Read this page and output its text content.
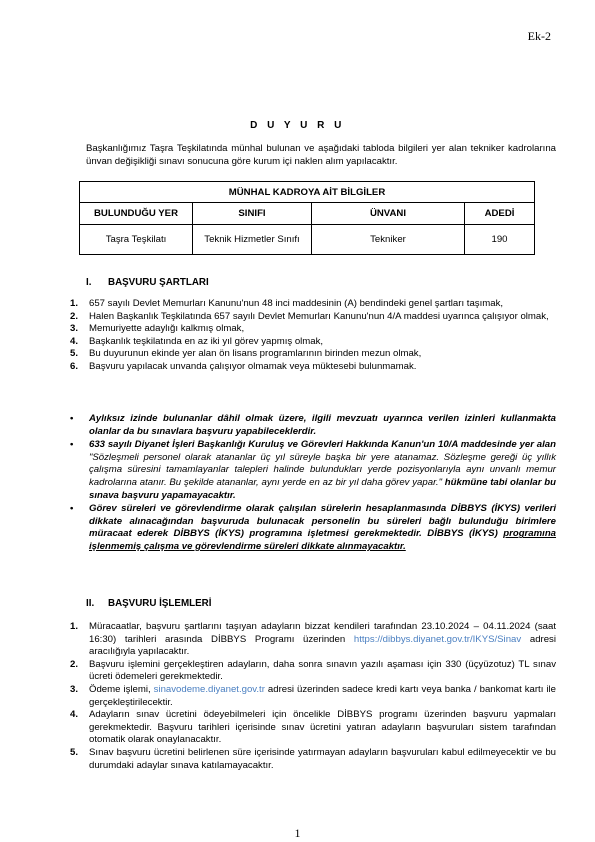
Ek-2
D U Y U R U
Başkanlığımız Taşra Teşkilatında münhal bulunan ve aşağıdaki tabloda bilgileri yer alan tekniker kadrolarına ünvan değişikliği sınavı sonucuna göre kurum içi naklen alım yapılacaktır.
MÜNHAL KADROYA AİT BİLGİLER			
BULUNDUĞU YER	SINIFI	ÜNVANI	ADEDİ
Taşra Teşkilatı	Teknik Hizmetler Sınıfı	Tekniker	190
I.	BAŞVURU ŞARTLARI
1.	657 sayılı Devlet Memurları Kanunu'nun 48 inci maddesinin (A) bendindeki genel şartları taşımak,
2.	Halen Başkanlık Teşkilatında 657 sayılı Devlet Memurları Kanunu'nun 4/A maddesi uyarınca çalışıyor olmak,
3.	Memuriyette adaylığı kalkmış olmak,
4.	Başkanlık teşkilatında en az iki yıl görev yapmış olmak,
5.	Bu duyurunun ekinde yer alan ön lisans programlarının birinden mezun olmak,
6.	Başvuru yapılacak unvanda çalışıyor olmamak veya müktesebi bulunmamak.
•	Aylıksız izinde bulunanlar dâhil olmak üzere, ilgili mevzuatı uyarınca verilen izinleri kullanmakta olanlar da bu sınavlara başvuru yapabileceklerdir.
•	633 sayılı Diyanet İşleri Başkanlığı Kuruluş ve Görevleri Hakkında Kanun'un 10/A maddesinde yer alan "Sözleşmeli personel olarak atananlar üç yıl süreyle başka bir yere atanamaz. Sözleşme gereği üç yıllık çalışma süresini tamamlayanlar talepleri halinde bulundukları yerde pozisyonlarıyla aynı unvanlı memur kadrolarına atanır. Bu şekilde atananlar, aynı yerde en az bir yıl daha görev yapar." hükmüne tabi olanlar bu sınava başvuru yapamayacaktır.
•	Görev süreleri ve görevlendirme olarak çalışılan sürelerin hesaplanmasında DİBBYS (İKYS) verileri dikkate alınacağından başvuruda bulunacak personelin bu süreleri bağlı bulunduğu birimlere müracaat ederek DİBBYS (İKYS) programına işletmesi gerekmektedir. DİBBYS (İKYS) programına işlenmemiş çalışma ve görevlendirme süreleri dikkate alınmayacaktır.
II.	BAŞVURU İŞLEMLERİ
1.	Müracaatlar, başvuru şartlarını taşıyan adayların bizzat kendileri tarafından 23.10.2024 – 04.11.2024 (saat 16:30) tarihleri arasında DİBBYS Programı üzerinden https://dibbys.diyanet.gov.tr/IKYS/Sinav adresi aracılığıyla yapılacaktır.
2.	Başvuru işlemini gerçekleştiren adayların, daha sonra sınavın yazılı aşaması için 330 (üçyüzotuz) TL sınav ücreti ödemeleri gerekmektedir.
3.	Ödeme işlemi, sinavodeme.diyanet.gov.tr adresi üzerinden sadece kredi kartı veya banka / bankomat kartı ile gerçekleştirilecektir.
4.	Adayların sınav ücretini ödeyebilmeleri için öncelikle DİBBYS programı üzerinden başvuru yapmaları gerekmektedir. Başvuru tarihleri içerisinde sınav ücretini yatıran adayların başvuruları sistem tarafından otomatik olarak onaylanacaktır.
5.	Sınav başvuru ücretini belirlenen süre içerisinde yatırmayan adayların başvuruları kabul edilmeyecektir ve bu durumdaki adaylar sınava katılamayacaktır.
1
